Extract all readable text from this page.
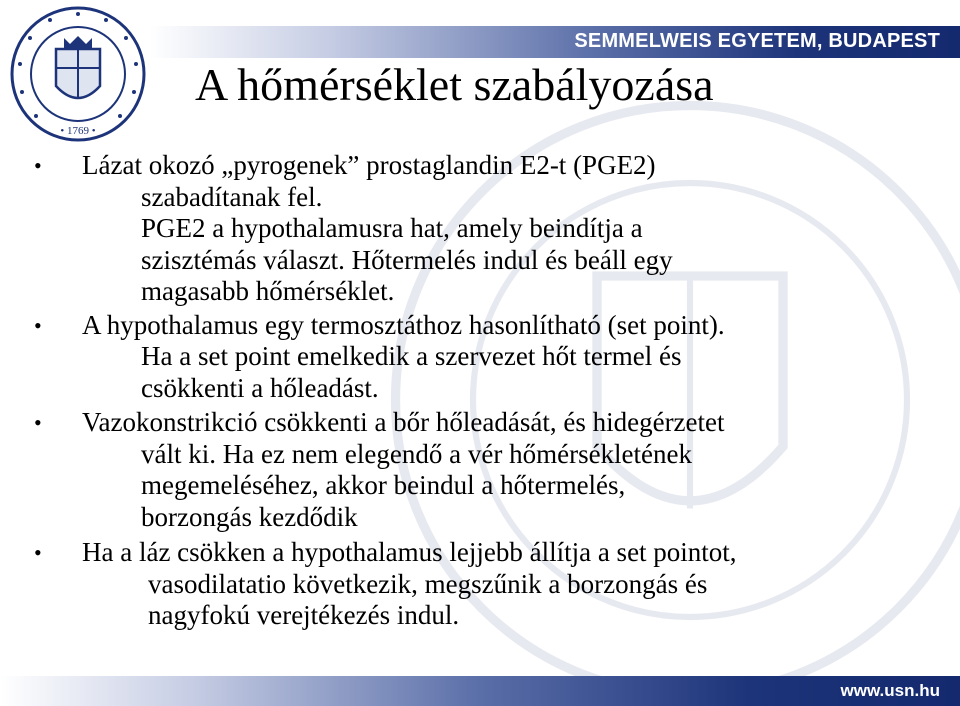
SEMMELWEIS EGYETEM, BUDAPEST
• 1769 •
A hőmérséklet szabályozása
•	Lázat okozó „pyrogenek” prostaglandin E2-t (PGE2)
szabadítanak fel.
PGE2 a hypothalamusra hat, amely beindítja a
szisztémás választ. Hőtermelés indul és beáll egy
magasabb hőmérséklet.
•	A hypothalamus egy termosztáthoz hasonlítható (set point).
Ha a set point emelkedik a szervezet hőt termel és
csökkenti a hőleadást.
•	Vazokonstrikció csökkenti a bőr hőleadását, és hidegérzetet
vált ki. Ha ez nem elegendő a vér hőmérsékletének
megemeléséhez, akkor beindul a hőtermelés,
borzongás kezdődik
•	Ha a láz csökken a hypothalamus lejjebb állítja a set pointot,
vasodilatatio következik, megszűnik a borzongás és
nagyfokú verejtékezés indul.
www.usn.hu
